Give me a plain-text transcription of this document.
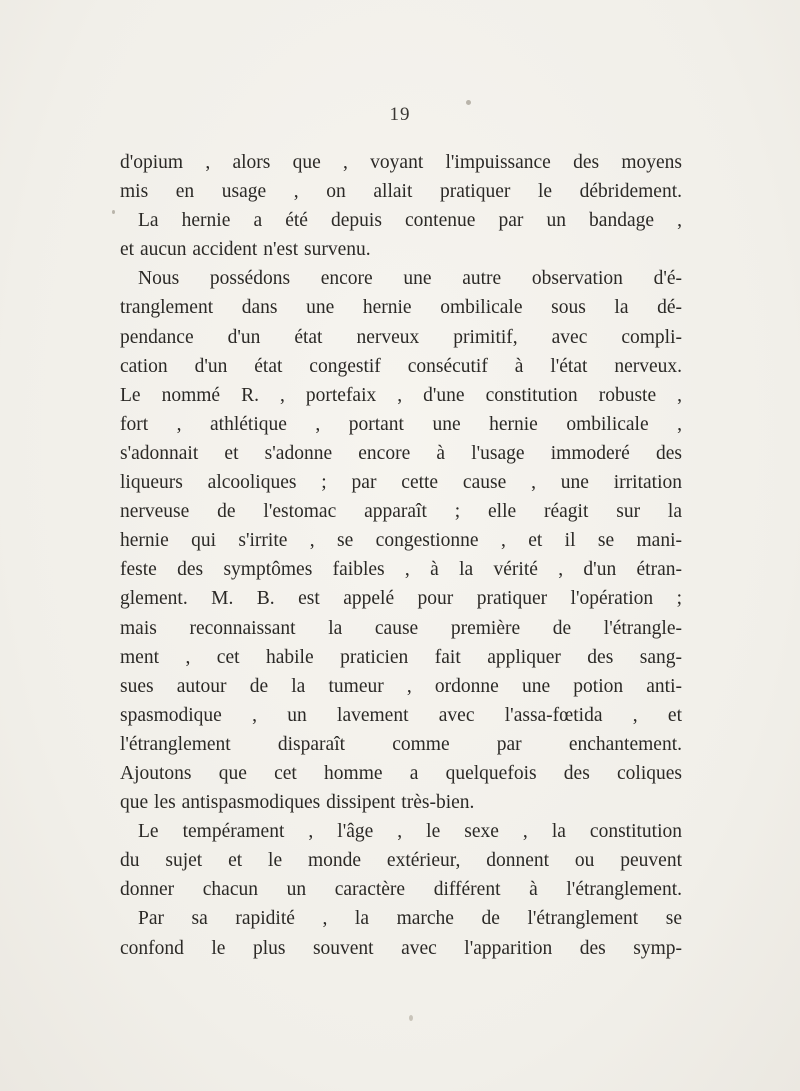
19
d'opium , alors que , voyant l'impuissance des moyens
mis en usage , on allait pratiquer le débridement.
La hernie a été depuis contenue par un bandage ,
et aucun accident n'est survenu.
Nous possédons encore une autre observation d'é-
tranglement dans une hernie ombilicale sous la dé-
pendance d'un état nerveux primitif, avec compli-
cation d'un état congestif consécutif à l'état nerveux.
Le nommé R. , portefaix , d'une constitution robuste ,
fort , athlétique , portant une hernie ombilicale ,
s'adonnait et s'adonne encore à l'usage immoderé des
liqueurs alcooliques ; par cette cause , une irritation
nerveuse de l'estomac apparaît ; elle réagit sur la
hernie qui s'irrite , se congestionne , et il se mani-
feste des symptômes faibles , à la vérité , d'un étran-
glement. M. B. est appelé pour pratiquer l'opération ;
mais reconnaissant la cause première de l'étrangle-
ment , cet habile praticien fait appliquer des sang-
sues autour de la tumeur , ordonne une potion anti-
spasmodique , un lavement avec l'assa-fœtida , et
l'étranglement disparaît comme par enchantement.
Ajoutons que cet homme a quelquefois des coliques
que les antispasmodiques dissipent très-bien.
Le tempérament , l'âge , le sexe , la constitution
du sujet et le monde extérieur, donnent ou peuvent
donner chacun un caractère différent à l'étranglement.
Par sa rapidité , la marche de l'étranglement se
confond le plus souvent avec l'apparition des symp-
